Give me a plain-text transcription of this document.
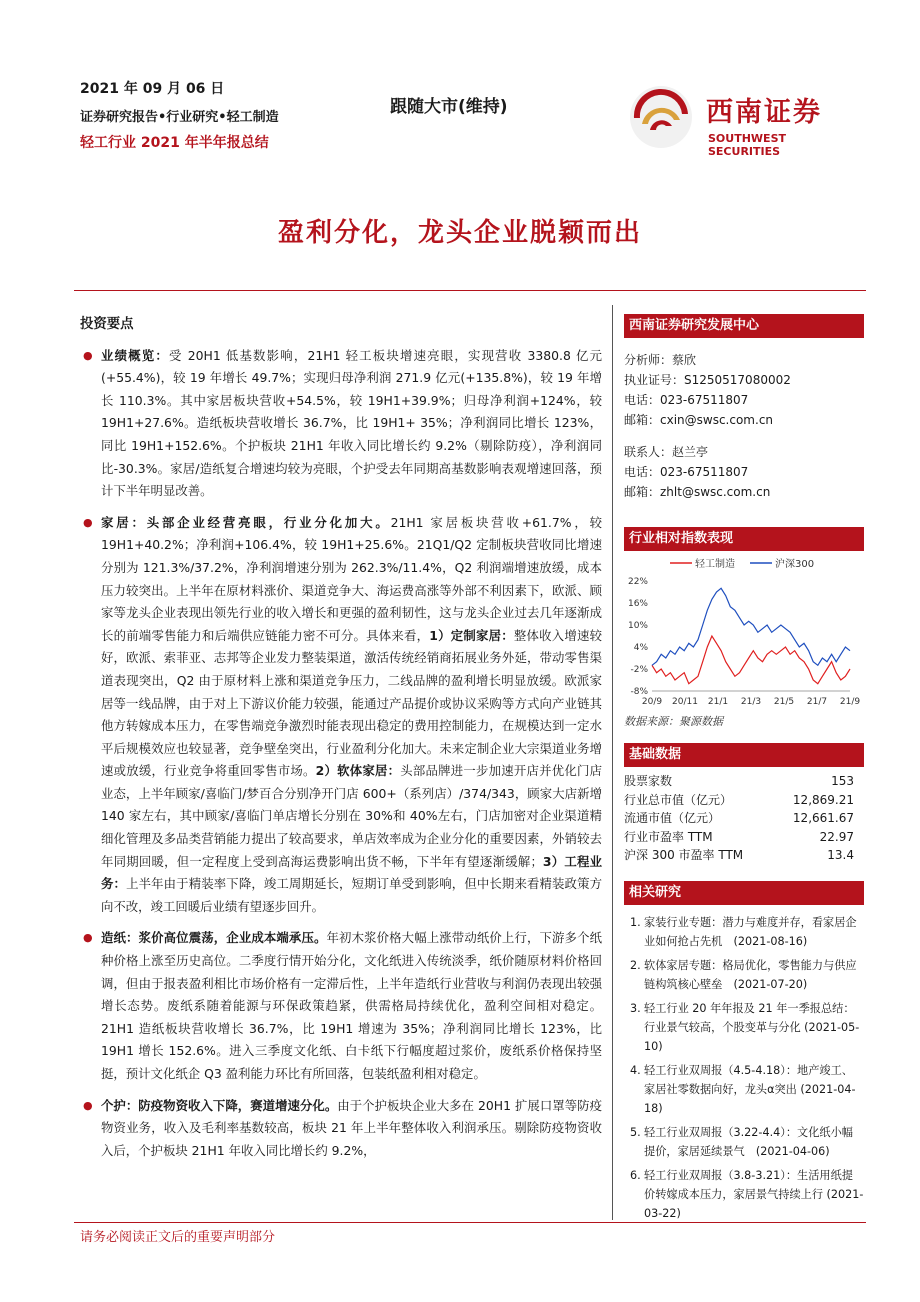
2021 年 09 月 06 日
证券研究报告•行业研究•轻工制造
轻工行业 2021 年半年报总结
跟随大市(维持)	西南证券
SOUTHWEST SECURITIES
盈利分化，龙头企业脱颖而出
投资要点
● 业绩概览：受 20H1 低基数影响，21H1 轻工板块增速亮眼，实现营收 3380.8 亿元(+55.4%)，较 19 年增长 49.7%；实现归母净利润 271.9 亿元(+135.8%)，较 19 年增长 110.3%。其中家居板块营收+54.5%，较 19H1+39.9%；归母净利润+124%，较 19H1+27.6%。造纸板块营收增长 36.7%，比 19H1+ 35%；净利润同比增长 123%，同比 19H1+152.6%。个护板块 21H1 年收入同比增长约 9.2%（剔除防疫），净利润同比-30.3%。家居/造纸复合增速均较为亮眼，个护受去年同期高基数影响表观增速回落，预计下半年明显改善。
● 家居：头部企业经营亮眼，行业分化加大。21H1 家居板块营收+61.7%，较 19H1+40.2%；净利润+106.4%，较 19H1+25.6%。21Q1/Q2 定制板块营收同比增速分别为 121.3%/37.2%，净利润增速分别为 262.3%/11.4%，Q2 利润端增速放缓，成本压力较突出。上半年在原材料涨价、渠道竞争大、海运费高涨等外部不利因素下，欧派、顾家等龙头企业表现出领先行业的收入增长和更强的盈利韧性，这与龙头企业过去几年逐渐成长的前端零售能力和后端供应链能力密不可分。具体来看，1）定制家居：整体收入增速较好，欧派、索菲亚、志邦等企业发力整装渠道，激活传统经销商拓展业务外延，带动零售渠道表现突出，Q2 由于原材料上涨和渠道竞争压力，二线品牌的盈利增长明显放缓。欧派家居等一线品牌，由于对上下游议价能力较强，能通过产品提价或协议采购等方式向产业链其他方转嫁成本压力，在零售端竞争激烈时能表现出稳定的费用控制能力，在规模达到一定水平后规模效应也较显著，竞争壁垒突出，行业盈利分化加大。未来定制企业大宗渠道业务增速或放缓，行业竞争将重回零售市场。2）软体家居：头部品牌进一步加速开店并优化门店业态，上半年顾家/喜临门/梦百合分别净开门店 600+（系列店）/374/343，顾家大店新增 140 家左右，其中顾家/喜临门单店增长分别在 30%和 40%左右，门店加密对企业渠道精细化管理及多品类营销能力提出了较高要求，单店效率成为企业分化的重要因素，外销较去年同期回暖，但一定程度上受到高海运费影响出货不畅，下半年有望逐渐缓解；3）工程业务：上半年由于精装率下降，竣工周期延长，短期订单受到影响，但中长期来看精装政策方向不改，竣工回暖后业绩有望逐步回升。
● 造纸：浆价高位震荡，企业成本端承压。年初木浆价格大幅上涨带动纸价上行，下游多个纸种价格上涨至历史高位。二季度行情开始分化，文化纸进入传统淡季，纸价随原材料价格回调，但由于报表盈利相比市场价格有一定滞后性，上半年造纸行业营收与利润仍表现出较强增长态势。废纸系随着能源与环保政策趋紧，供需格局持续优化，盈利空间相对稳定。21H1 造纸板块营收增长 36.7%，比 19H1 增速为 35%；净利润同比增长 123%，比 19H1 增长 152.6%。进入三季度文化纸、白卡纸下行幅度超过浆价，废纸系价格保持坚挺，预计文化纸企 Q3 盈利能力环比有所回落，包装纸盈利相对稳定。
● 个护：防疫物资收入下降，赛道增速分化。由于个护板块企业大多在 20H1 扩展口罩等防疫物资业务，收入及毛利率基数较高，板块 21 年上半年整体收入利润承压。剔除防疫物资收入后，个护板块 21H1 年收入同比增长约 9.2%，
西南证券研究发展中心
分析师：蔡欣
执业证号：S1250517080002
电话：023-67511807
邮箱：cxin@swsc.com.cn
联系人：赵兰亭
电话：023-67511807
邮箱：zhlt@swsc.com.cn
行业相对指数表现
轻工制造	沪深300
22%
16%
10%
4%
-2%
-8%
20/9 20/11 21/1 21/3 21/5 21/7 21/9
数据来源：聚源数据
基础数据
股票家数	153
行业总市值（亿元）	12,869.21
流通市值（亿元）	12,661.67
行业市盈率 TTM	22.97
沪深 300 市盈率 TTM	13.4
相关研究
1. 家装行业专题：潜力与难度并存，看家居企业如何抢占先机　(2021-08-16)
2. 软体家居专题：格局优化，零售能力与供应链构筑核心壁垒　(2021-07-20)
3. 轻工行业 20 年年报及 21 年一季报总结：行业景气较高，个股变革与分化 (2021-05-10)
4. 轻工行业双周报（4.5-4.18）：地产竣工、家居社零数据向好，龙头α突出 (2021-04-18)
5. 轻工行业双周报（3.22-4.4）：文化纸小幅提价，家居延续景气　(2021-04-06)
6. 轻工行业双周报（3.8-3.21）：生活用纸提价转嫁成本压力，家居景气持续上行 (2021-03-22)
请务必阅读正文后的重要声明部分
